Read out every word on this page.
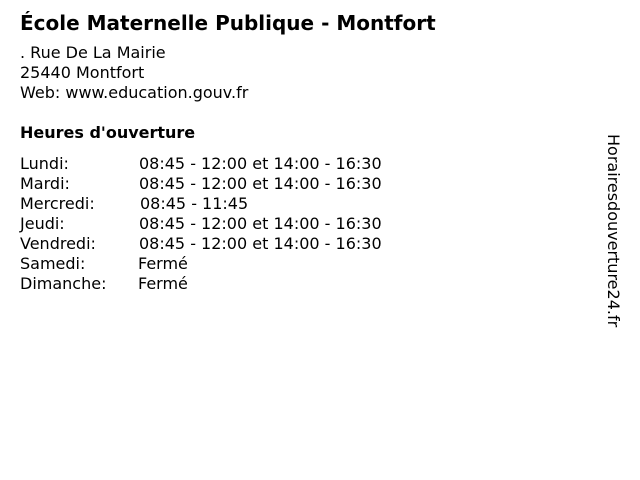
École Maternelle Publique - Montfort
. Rue De La Mairie
25440 Montfort
Web: www.education.gouv.fr
Heures d'ouverture
Lundi:	08:45 - 12:00 et 14:00 - 16:30
Mardi:	08:45 - 12:00 et 14:00 - 16:30
Mercredi:	08:45 - 11:45
Jeudi:	08:45 - 12:00 et 14:00 - 16:30
Vendredi:	08:45 - 12:00 et 14:00 - 16:30
Samedi:	Fermé
Dimanche: Fermé	Horairesdouverture24.fr
